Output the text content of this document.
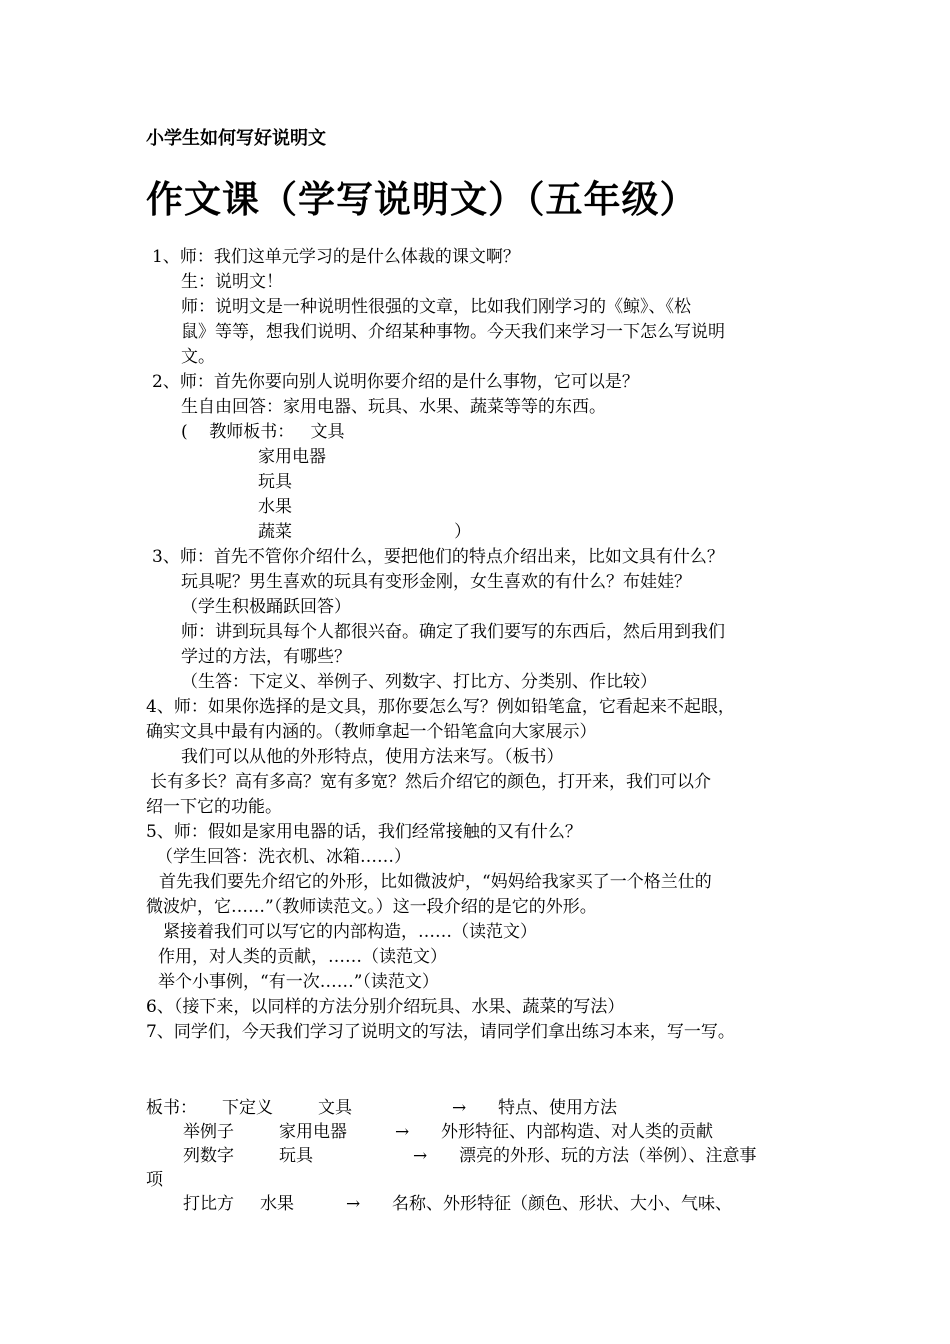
小学生如何写好说明文
作文课（学写说明文）（五年级）
1、师：我们这单元学习的是什么体裁的课文啊？
生：说明文！
师：说明文是一种说明性很强的文章，比如我们刚学习的《鲸》、《松
鼠》等等，想我们说明、介绍某种事物。今天我们来学习一下怎么写说明
文。
2、师：首先你要向别人说明你要介绍的是什么事物，它可以是？
生自由回答：家用电器、玩具、水果、蔬菜等等的东西。
(    教师板书：   文具
家用电器
玩具
水果
蔬菜                              ）
3、师：首先不管你介绍什么，要把他们的特点介绍出来，比如文具有什么？
玩具呢？男生喜欢的玩具有变形金刚，女生喜欢的有什么？布娃娃？
（学生积极踊跃回答）
师：讲到玩具每个人都很兴奋。确定了我们要写的东西后，然后用到我们
学过的方法，有哪些？
（生答：下定义、举例子、列数字、打比方、分类别、作比较）
4、师：如果你选择的是文具，那你要怎么写？例如铅笔盒，它看起来不起眼，
确实文具中最有内涵的。（教师拿起一个铅笔盒向大家展示）
我们可以从他的外形特点，使用方法来写。（板书）
长有多长？高有多高？宽有多宽？然后介绍它的颜色，打开来，我们可以介
绍一下它的功能。
5、师：假如是家用电器的话，我们经常接触的又有什么？
（学生回答：洗衣机、冰箱……）
首先我们要先介绍它的外形，比如微波炉，“妈妈给我家买了一个格兰仕的
微波炉，它……”（教师读范文。）这一段介绍的是它的外形。
紧接着我们可以写它的内部构造，……（读范文）
作用，对人类的贡献，……（读范文）
举个小事例，“有一次……”（读范文）
6、（接下来，以同样的方法分别介绍玩具、水果、蔬菜的写法）
7、同学们，今天我们学习了说明文的写法，请同学们拿出练习本来，写一写。
板书： 下定义	文具	→ 特点、使用方法
举例子	家用电器	→ 外形特征、内部构造、对人类的贡献
列数字	玩具	→ 漂亮的外形、玩的方法（举例）、注意事
项
打比方 水果	→ 名称、外形特征（颜色、形状、大小、气味、
